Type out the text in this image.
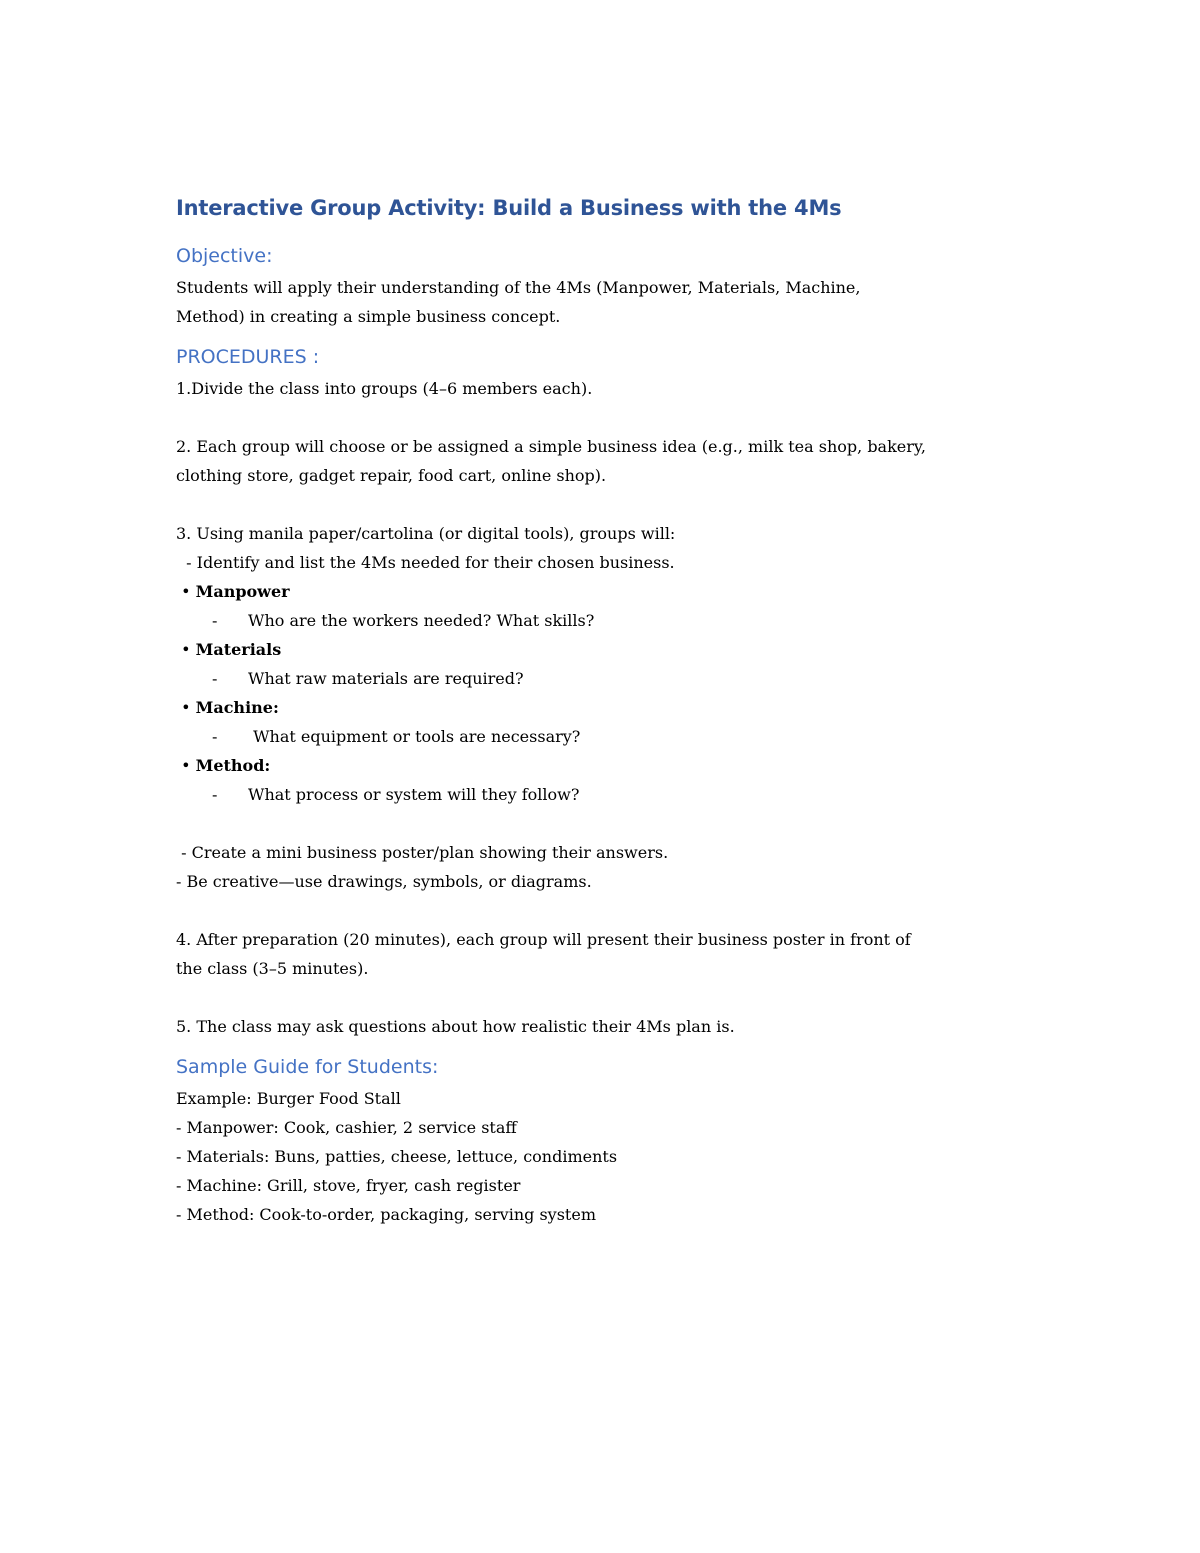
Interactive Group Activity: Build a Business with the 4Ms
Objective:
Students will apply their understanding of the 4Ms (Manpower, Materials, Machine,
Method) in creating a simple business concept.
PROCEDURES :
1.Divide the class into groups (4–6 members each).
2. Each group will choose or be assigned a simple business idea (e.g., milk tea shop, bakery,
clothing store, gadget repair, food cart, online shop).
3. Using manila paper/cartolina (or digital tools), groups will:
- Identify and list the 4Ms needed for their chosen business.
• Manpower
- Who are the workers needed? What skills?
• Materials
- What raw materials are required?
• Machine:
- What equipment or tools are necessary?
• Method:
- What process or system will they follow?
- Create a mini business poster/plan showing their answers.
- Be creative—use drawings, symbols, or diagrams.
4. After preparation (20 minutes), each group will present their business poster in front of
the class (3–5 minutes).
5. The class may ask questions about how realistic their 4Ms plan is.
Sample Guide for Students:
Example: Burger Food Stall
- Manpower: Cook, cashier, 2 service staff
- Materials: Buns, patties, cheese, lettuce, condiments
- Machine: Grill, stove, fryer, cash register
- Method: Cook-to-order, packaging, serving system
